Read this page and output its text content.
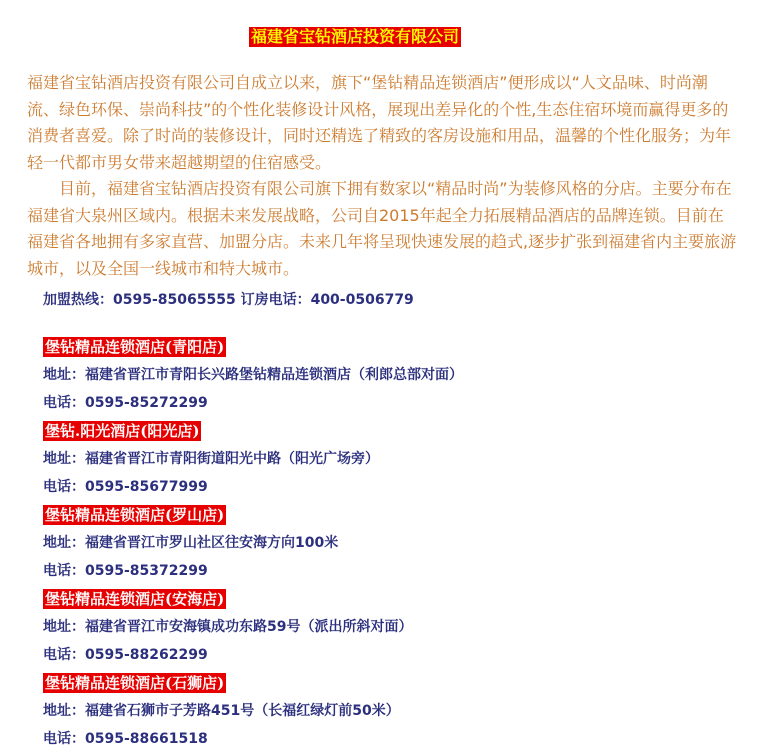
福建省宝钻酒店投资有限公司

福建省宝钻酒店投资有限公司自成立以来，旗下“堡钻精品连锁酒店”便形成以“人文品味、时尚潮流、绿色环保、崇尚科技”的个性化装修设计风格，展现出差异化的个性,生态住宿环境而赢得更多的消费者喜爱。除了时尚的装修设计，同时还精选了精致的客房设施和用品，温馨的个性化服务；为年轻一代都市男女带来超越期望的住宿感受。

目前，福建省宝钻酒店投资有限公司旗下拥有数家以“精品时尚”为装修风格的分店。主要分布在福建省大泉州区域内。根据未来发展战略，公司自2015年起全力拓展精品酒店的品牌连锁。目前在福建省各地拥有多家直营、加盟分店。未来几年将呈现快速发展的趋式,逐步扩张到福建省内主要旅游城市，以及全国一线城市和特大城市。

加盟热线：0595-85065555 订房电话：400-0506779
堡钻精品连锁酒店(青阳店)
地址：福建省晋江市青阳长兴路堡钻精品连锁酒店（利郎总部对面）
电话：0595-85272299
堡钻.阳光酒店(阳光店)
地址：福建省晋江市青阳街道阳光中路（阳光广场旁）
电话：0595-85677999
堡钻精品连锁酒店(罗山店)
地址：福建省晋江市罗山社区往安海方向100米
电话：0595-85372299
堡钻精品连锁酒店(安海店)
地址：福建省晋江市安海镇成功东路59号（派出所斜对面）
电话：0595-88262299
堡钻精品连锁酒店(石狮店)
地址：福建省石狮市子芳路451号（长福红绿灯前50米）
电话：0595-88661518
